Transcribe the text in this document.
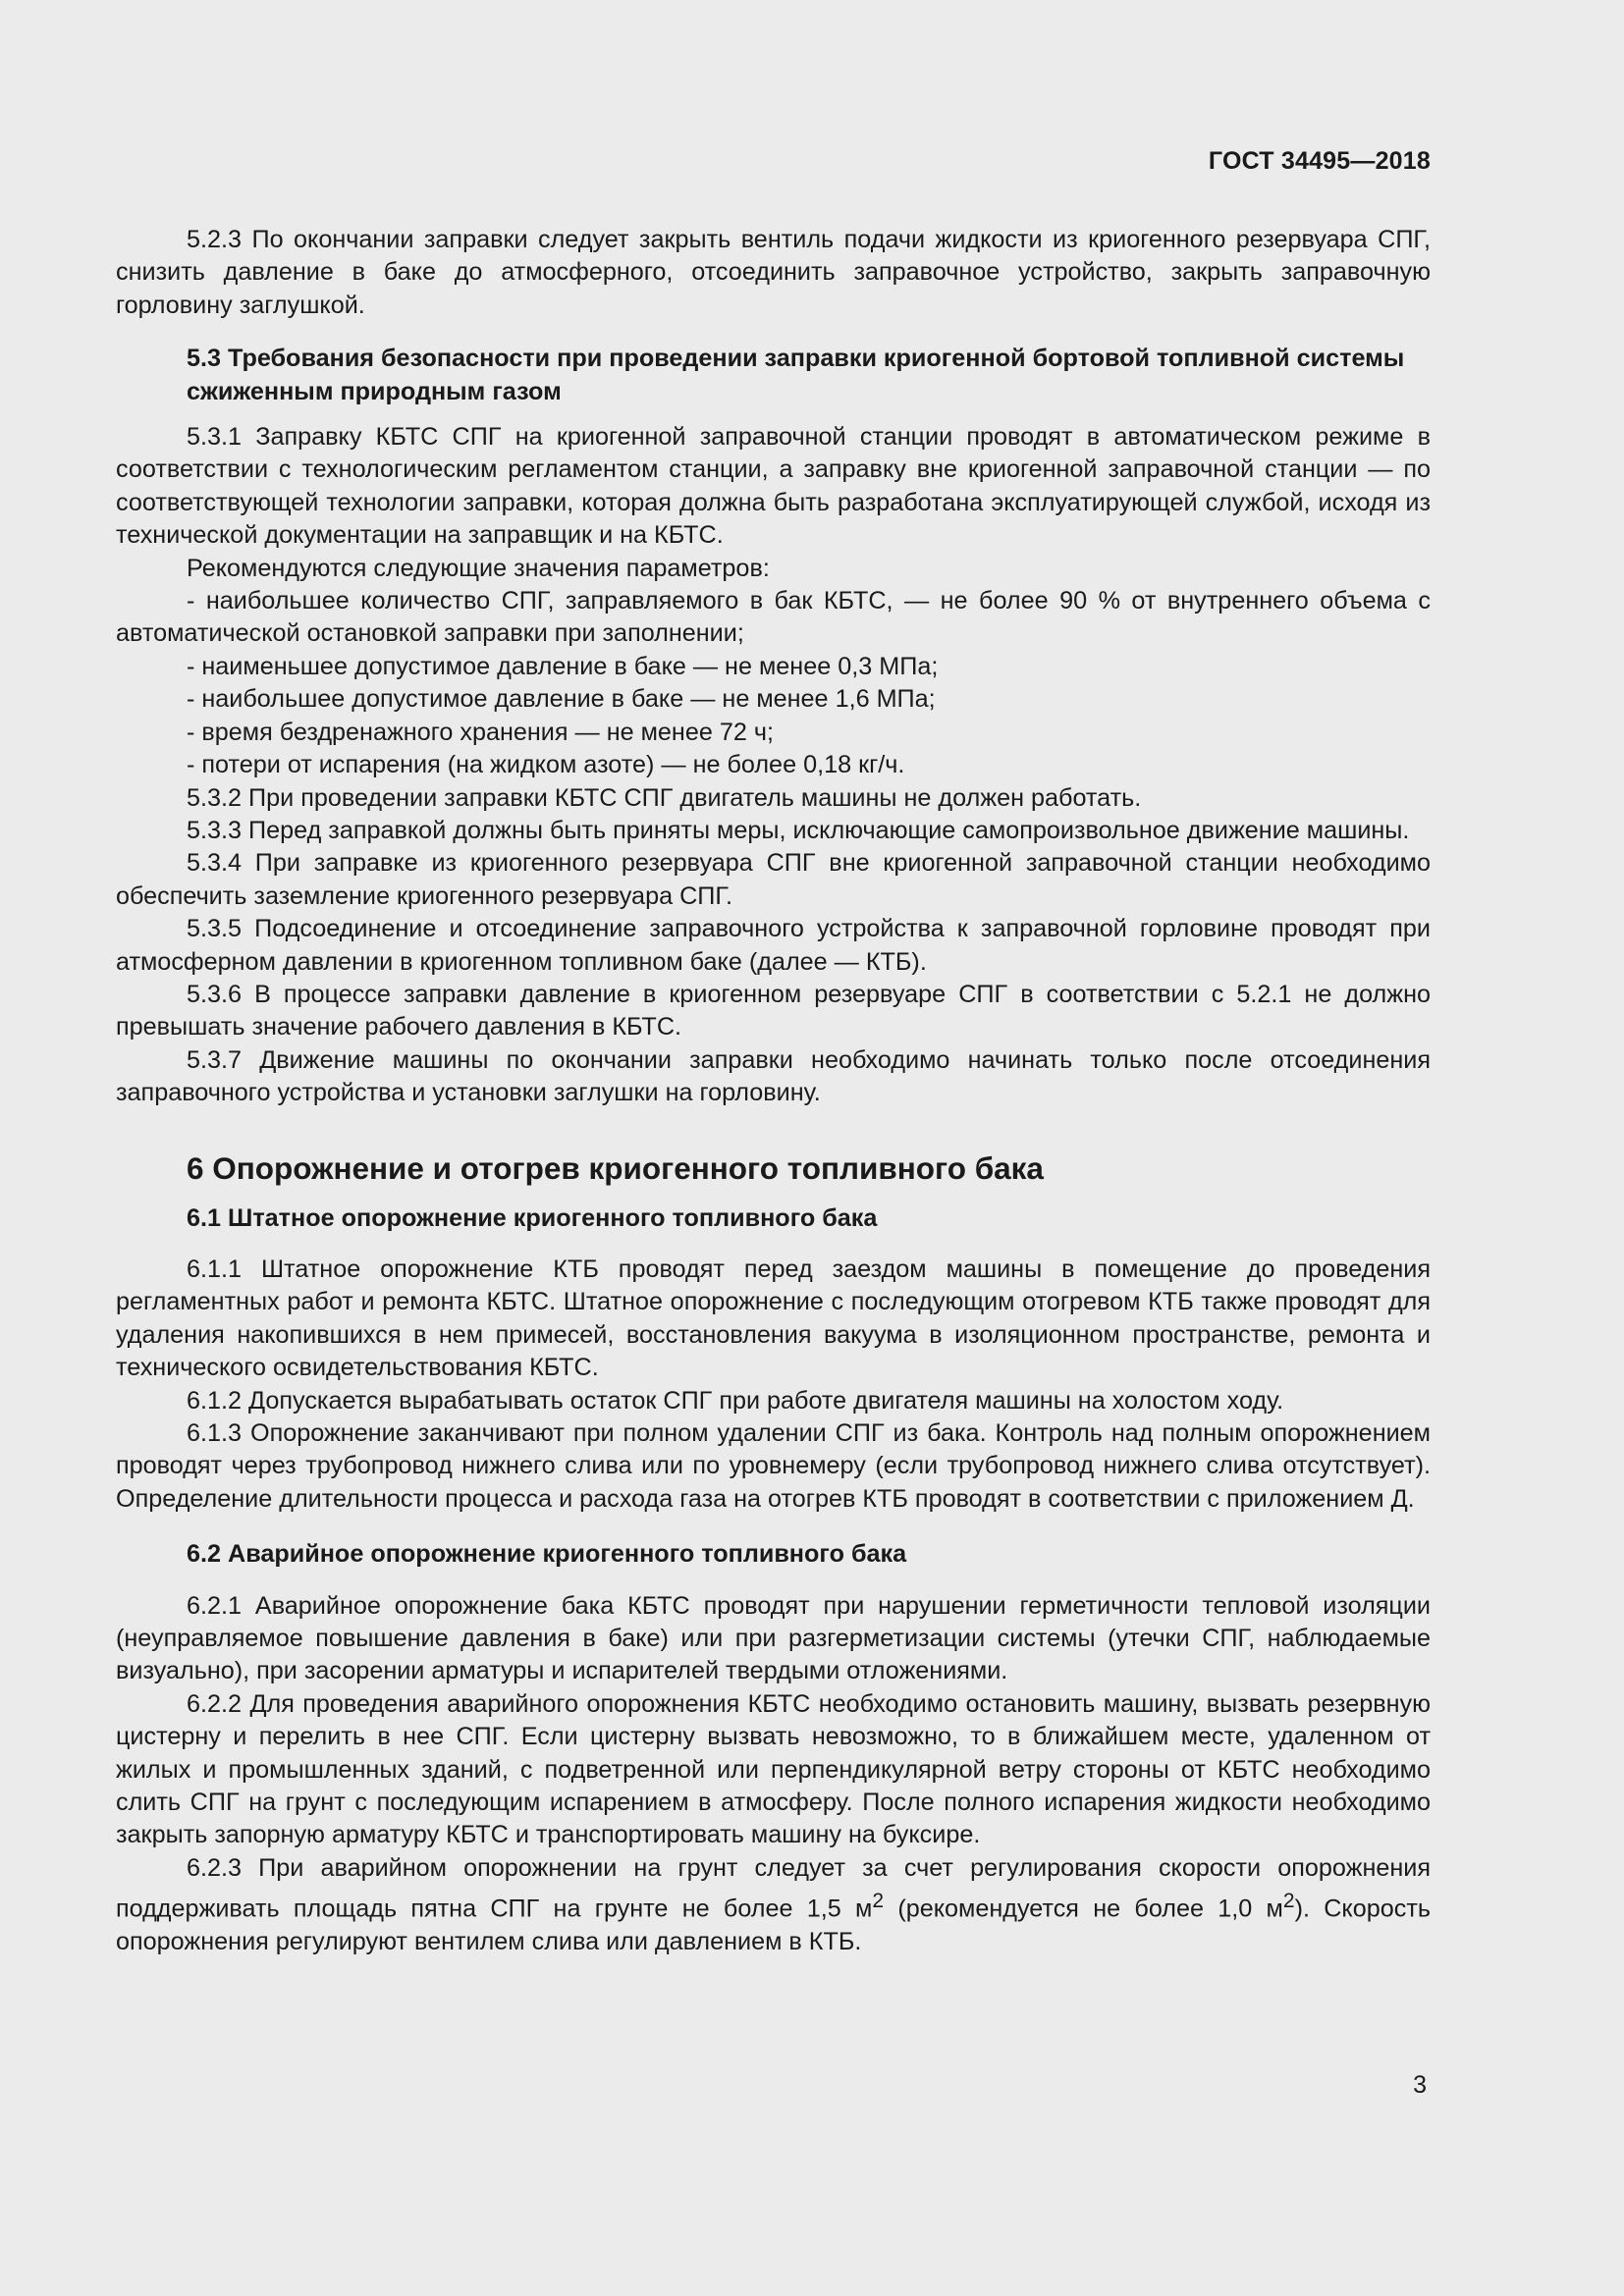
ГОСТ 34495—2018

5.2.3 По окончании заправки следует закрыть вентиль подачи жидкости из криогенного резервуара СПГ, снизить давление в баке до атмосферного, отсоединить заправочное устройство, закрыть заправочную горловину заглушкой.

5.3 Требования безопасности при проведении заправки криогенной бортовой топливной системы сжиженным природным газом

5.3.1 Заправку КБТС СПГ на криогенной заправочной станции проводят в автоматическом режиме в соответствии с технологическим регламентом станции, а заправку вне криогенной заправочной станции — по соответствующей технологии заправки, которая должна быть разработана эксплуатирующей службой, исходя из технической документации на заправщик и на КБТС.

Рекомендуются следующие значения параметров:

- наибольшее количество СПГ, заправляемого в бак КБТС, — не более 90 % от внутреннего объема с автоматической остановкой заправки при заполнении;

- наименьшее допустимое давление в баке — не менее 0,3 МПа;

- наибольшее допустимое давление в баке — не менее 1,6 МПа;

- время бездренажного хранения — не менее 72 ч;

- потери от испарения (на жидком азоте) — не более 0,18 кг/ч.

5.3.2 При проведении заправки КБТС СПГ двигатель машины не должен работать.

5.3.3 Перед заправкой должны быть приняты меры, исключающие самопроизвольное движение машины.

5.3.4 При заправке из криогенного резервуара СПГ вне криогенной заправочной станции необходимо обеспечить заземление криогенного резервуара СПГ.

5.3.5 Подсоединение и отсоединение заправочного устройства к заправочной горловине проводят при атмосферном давлении в криогенном топливном баке (далее — КТБ).

5.3.6 В процессе заправки давление в криогенном резервуаре СПГ в соответствии с 5.2.1 не должно превышать значение рабочего давления в КБТС.

5.3.7 Движение машины по окончании заправки необходимо начинать только после отсоединения заправочного устройства и установки заглушки на горловину.

6 Опорожнение и отогрев криогенного топливного бака
6.1 Штатное опорожнение криогенного топливного бака

6.1.1 Штатное опорожнение КТБ проводят перед заездом машины в помещение до проведения регламентных работ и ремонта КБТС. Штатное опорожнение с последующим отогревом КТБ также проводят для удаления накопившихся в нем примесей, восстановления вакуума в изоляционном пространстве, ремонта и технического освидетельствования КБТС.

6.1.2 Допускается вырабатывать остаток СПГ при работе двигателя машины на холостом ходу.

6.1.3 Опорожнение заканчивают при полном удалении СПГ из бака. Контроль над полным опорожнением проводят через трубопровод нижнего слива или по уровнемеру (если трубопровод нижнего слива отсутствует). Определение длительности процесса и расхода газа на отогрев КТБ проводят в соответствии с приложением Д.

6.2 Аварийное опорожнение криогенного топливного бака

6.2.1 Аварийное опорожнение бака КБТС проводят при нарушении герметичности тепловой изоляции (неуправляемое повышение давления в баке) или при разгерметизации системы (утечки СПГ, наблюдаемые визуально), при засорении арматуры и испарителей твердыми отложениями.

6.2.2 Для проведения аварийного опорожнения КБТС необходимо остановить машину, вызвать резервную цистерну и перелить в нее СПГ. Если цистерну вызвать невозможно, то в ближайшем месте, удаленном от жилых и промышленных зданий, с подветренной или перпендикулярной ветру стороны от КБТС необходимо слить СПГ на грунт с последующим испарением в атмосферу. После полного испарения жидкости необходимо закрыть запорную арматуру КБТС и транспортировать машину на буксире.

6.2.3 При аварийном опорожнении на грунт следует за счет регулирования скорости опорожнения поддерживать площадь пятна СПГ на грунте не более 1,5 $м^2$ (рекомендуется не более 1,0 $м^2$). Скорость опорожнения регулируют вентилем слива или давлением в КТБ.

3
